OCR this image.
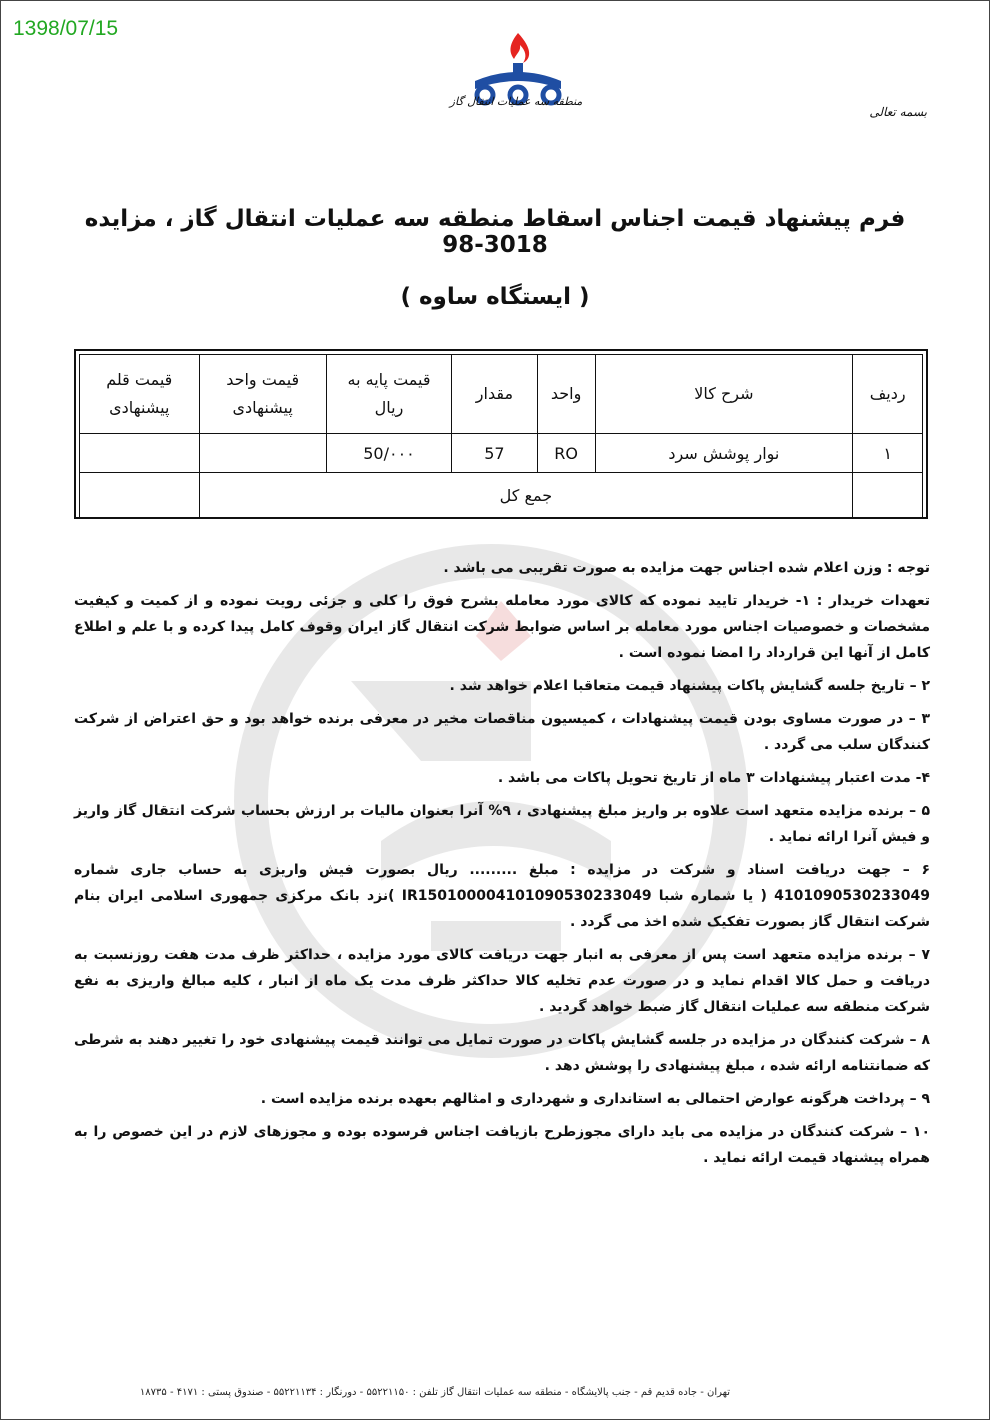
1398/07/15
منطقه سه عملیات انتقال گاز
بسمه تعالی
فرم پیشنهاد قیمت اجناس اسقاط منطقه سه عملیات انتقال گاز ، مزایده 3018-98
( ایستگاه ساوه )
ردیف	شرح کالا	واحد	مقدار	قیمت پایه به ریال	قیمت واحد پیشنهادی	قیمت قلم پیشنهادی
۱	نوار پوشش سرد	RO	57	50/۰۰۰		
	جمع کل					

توجه : وزن اعلام شده اجناس جهت مزایده به صورت تقریبی می باشد .

تعهدات خریدار : ۱- خریدار تایید نموده که کالای مورد معامله بشرح فوق را کلی و جزئی رویت نموده و از کمیت و کیفیت مشخصات و خصوصیات اجناس مورد معامله بر اساس ضوابط شرکت انتقال گاز ایران وقوف کامل پیدا کرده و با علم و اطلاع کامل از آنها این قرارداد را امضا نموده است .

۲ – تاریخ جلسه گشایش پاکات پیشنهاد قیمت متعاقبا اعلام خواهد شد .

۳ – در صورت مساوی بودن قیمت پیشنهادات ، کمیسیون مناقصات مخیر در معرفی برنده خواهد بود و حق اعتراض از شرکت کنندگان سلب می گردد .

۴- مدت اعتبار پیشنهادات ۳ ماه از تاریخ تحویل پاکات می باشد .

۵ – برنده مزایده متعهد است علاوه بر واریز مبلغ پیشنهادی ، ۹% آنرا بعنوان مالیات بر ارزش بحساب شرکت انتقال گاز واریز و فیش آنرا ارائه نماید .

۶ – جهت دریافت اسناد و شرکت در مزایده : مبلغ ......... ریال بصورت فیش واریزی به حساب جاری شماره 4101090530233049 ( یا شماره شبا IR150100004101090530233049 )نزد بانک مرکزی جمهوری اسلامی ایران بنام شرکت انتقال گاز بصورت تفکیک شده اخذ می گردد .

۷ – برنده مزایده متعهد است پس از معرفی به انبار جهت دریافت کالای مورد مزایده ، حداکثر ظرف مدت هفت روزنسبت به دریافت و حمل کالا اقدام نماید و در صورت عدم تخلیه کالا حداکثر ظرف مدت یک ماه از انبار ، کلیه مبالغ واریزی به نفع شرکت منطقه سه عملیات انتقال گاز ضبط خواهد گردید .

۸ – شرکت کنندگان در مزایده در جلسه گشایش پاکات در صورت تمایل می توانند قیمت پیشنهادی خود را تغییر دهند به شرطی که ضمانتنامه ارائه شده ، مبلغ پیشنهادی را پوشش دهد .

۹ – پرداخت هرگونه عوارض احتمالی به استانداری و شهرداری و امثالهم بعهده برنده مزایده است .

۱۰ – شرکت کنندگان در مزایده می باید دارای مجوزطرح بازیافت اجناس فرسوده بوده و مجوزهای لازم در این خصوص را به همراه پیشنهاد قیمت ارائه نماید .

تهران - جاده قدیم قم - جنب پالایشگاه - منطقه سه عملیات انتقال گاز تلفن : ۵۵۲۲۱۱۵۰ - دورنگار : ۵۵۲۲۱۱۳۴ - صندوق پستی : ۴۱۷۱ - ۱۸۷۳۵
